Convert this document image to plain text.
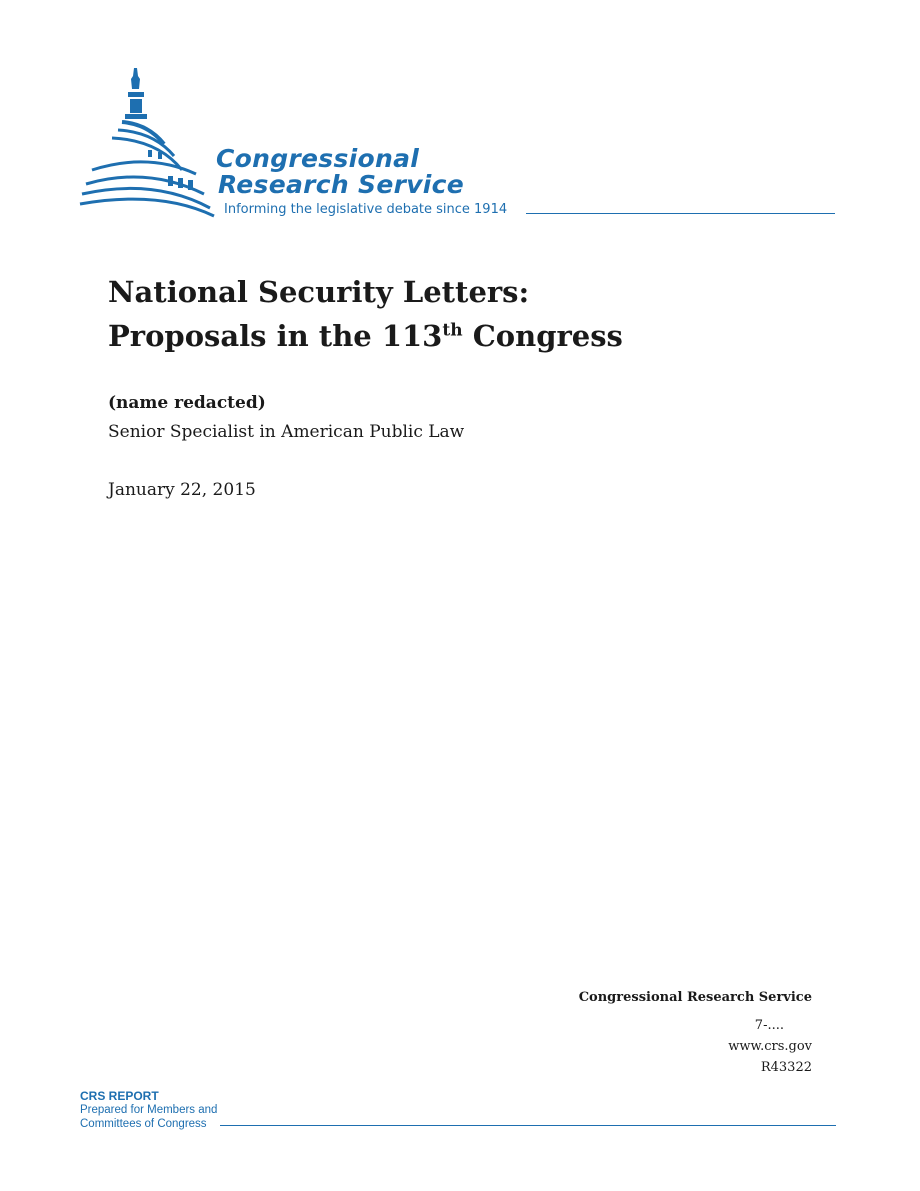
Congressional
Research Service
Informing the legislative debate since 1914
National Security Letters:
Proposals in the 113th Congress
(name redacted)
Senior Specialist in American Public Law
January 22, 2015
Congressional Research Service
7-....
www.crs.gov
R43322
CRS REPORT
Prepared for Members and
Committees of Congress
